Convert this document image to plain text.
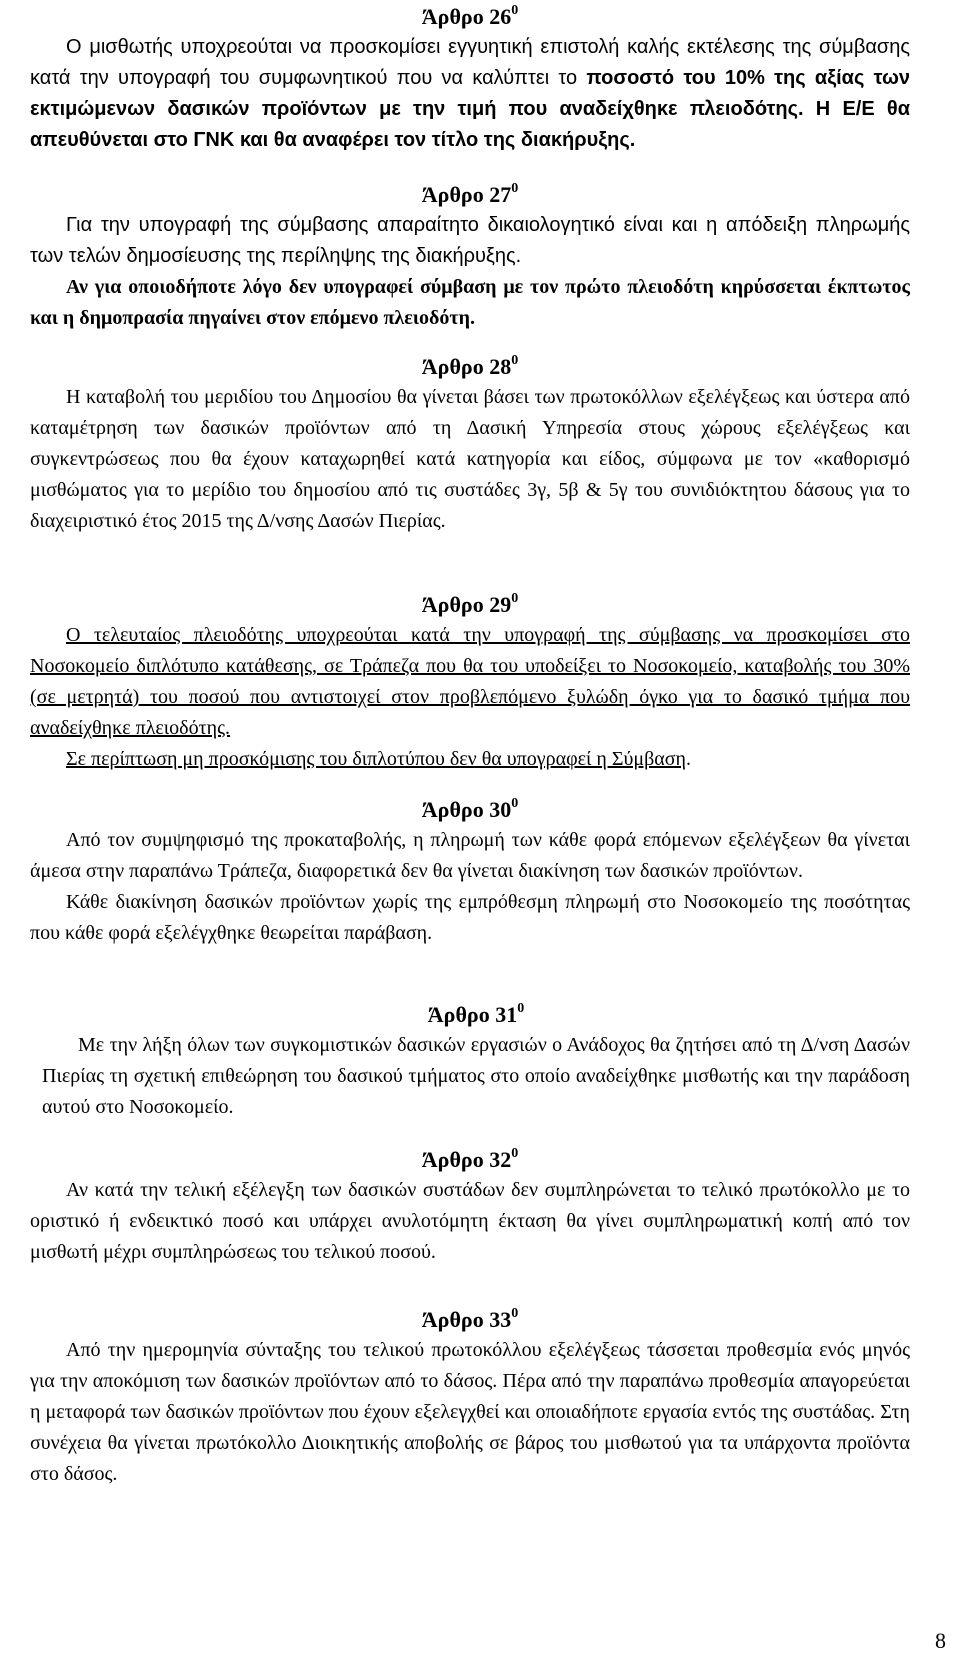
Άρθρο $26^0$

Ο μισθωτής υποχρεούται να προσκομίσει εγγυητική επιστολή καλής εκτέλεσης της σύμβασης κατά την υπογραφή του συμφωνητικού που να καλύπτει το ποσοστό του 10% της αξίας των εκτιμώμενων δασικών προϊόντων με την τιμή που αναδείχθηκε πλειοδότης. Η Ε/Ε θα απευθύνεται στο ΓΝΚ και θα αναφέρει τον τίτλο της διακήρυξης.

Άρθρο $27^0$

Για την υπογραφή της σύμβασης απαραίτητο δικαιολογητικό είναι και η απόδειξη πληρωμής των τελών δημοσίευσης της περίληψης της διακήρυξης.

Αν για οποιοδήποτε λόγο δεν υπογραφεί σύμβαση με τον πρώτο πλειοδότη κηρύσσεται έκπτωτος και η δημοπρασία πηγαίνει στον επόμενο πλειοδότη.

Άρθρο $28^0$

Η καταβολή του μεριδίου του Δημοσίου θα γίνεται βάσει των πρωτοκόλλων εξελέγξεως και ύστερα από καταμέτρηση των δασικών προϊόντων από τη Δασική Υπηρεσία στους χώρους εξελέγξεως και συγκεντρώσεως που θα έχουν καταχωρηθεί κατά κατηγορία και είδος, σύμφωνα με τον «καθορισμό μισθώματος για το μερίδιο του δημοσίου από τις συστάδες 3γ, 5β & 5γ του συνιδιόκτητου δάσους για το διαχειριστικό έτος 2015 της Δ/νσης Δασών Πιερίας.

Άρθρο $29^0$

Ο τελευταίος πλειοδότης υποχρεούται κατά την υπογραφή της σύμβασης να προσκομίσει στο Νοσοκομείο διπλότυπο κατάθεσης, σε Τράπεζα που θα του υποδείξει το Νοσοκομείο, καταβολής του 30% (σε μετρητά) του ποσού που αντιστοιχεί στον προβλεπόμενο ξυλώδη όγκο για το δασικό τμήμα που αναδείχθηκε πλειοδότης.

Σε περίπτωση μη προσκόμισης του διπλοτύπου δεν θα υπογραφεί η Σύμβαση.

Άρθρο $30^0$

Από τον συμψηφισμό της προκαταβολής, η πληρωμή των κάθε φορά επόμενων εξελέγξεων θα γίνεται άμεσα στην παραπάνω Τράπεζα, διαφορετικά δεν θα γίνεται διακίνηση των δασικών προϊόντων.

Κάθε διακίνηση δασικών προϊόντων χωρίς της εμπρόθεσμη πληρωμή στο Νοσοκομείο της ποσότητας που κάθε φορά εξελέγχθηκε θεωρείται παράβαση.

Άρθρο $31^0$

Με την λήξη όλων των συγκομιστικών δασικών εργασιών ο Ανάδοχος θα ζητήσει από τη Δ/νση Δασών Πιερίας τη σχετική επιθεώρηση του δασικού τμήματος στο οποίο αναδείχθηκε μισθωτής και την παράδοση αυτού στο Νοσοκομείο.

Άρθρο $32^0$

Αν κατά την τελική εξέλεγξη των δασικών συστάδων δεν συμπληρώνεται το τελικό πρωτόκολλο με το οριστικό ή ενδεικτικό ποσό και υπάρχει ανυλοτόμητη έκταση θα γίνει συμπληρωματική κοπή από τον μισθωτή μέχρι συμπληρώσεως του τελικού ποσού.

Άρθρο $33^0$

Από την ημερομηνία σύνταξης του τελικού πρωτοκόλλου εξελέγξεως τάσσεται προθεσμία ενός μηνός για την αποκόμιση των δασικών προϊόντων από το δάσος. Πέρα από την παραπάνω προθεσμία απαγορεύεται η μεταφορά των δασικών προϊόντων που έχουν εξελεγχθεί και οποιαδήποτε εργασία εντός της συστάδας. Στη συνέχεια θα γίνεται πρωτόκολλο Διοικητικής αποβολής σε βάρος του μισθωτού για τα υπάρχοντα προϊόντα στο δάσος.

8
